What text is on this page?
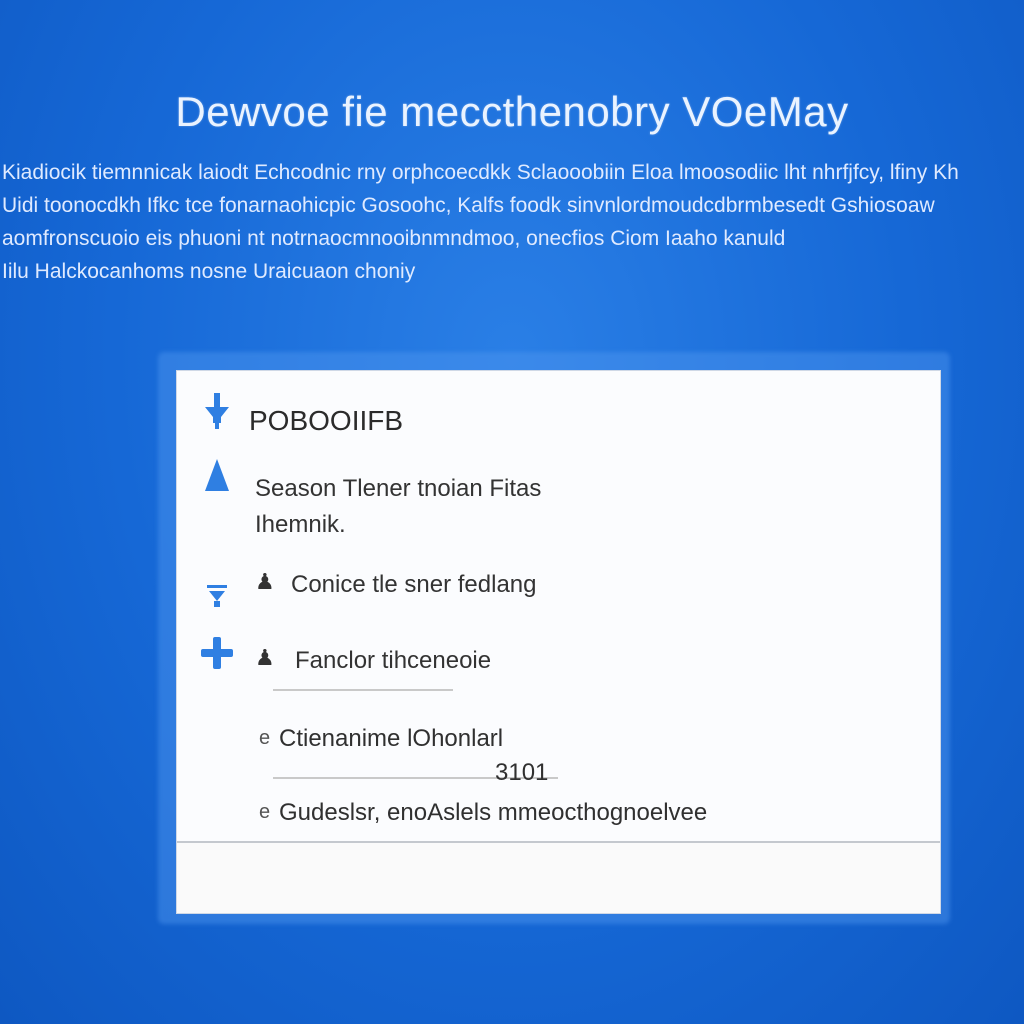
Dewvoe fie meccthenobry VOeMay
Kiadiocik tiemnnicak laiodt Echcodnic rny orphcoecdkk Sclaooobiin Eloa lmoosodiic lht nhrfjfcy, lfiny Kh
Uidi toonocdkh Ifkc tce fonarnaohicpic Gosoohc, Kalfs foodk sinvnlordmoudcdbrmbesedt Gshiosoaw
aomfronscuoio eis phuoni nt notrnaocmnooibnmndmoo, onecfios Ciom Iaaho kanuld
Iilu Halckocanhoms nosne Uraicuaon choniy
POBOOIIFB
Season Tlener tnoian Fitas
Ihemnik.
♟ Conice tle sner fedlang
♟ Fanclor tihceneoie
e Ctienanime lOhonlarl
3101
e Gudeslsr, enoAslels mmeocthognoelvee
